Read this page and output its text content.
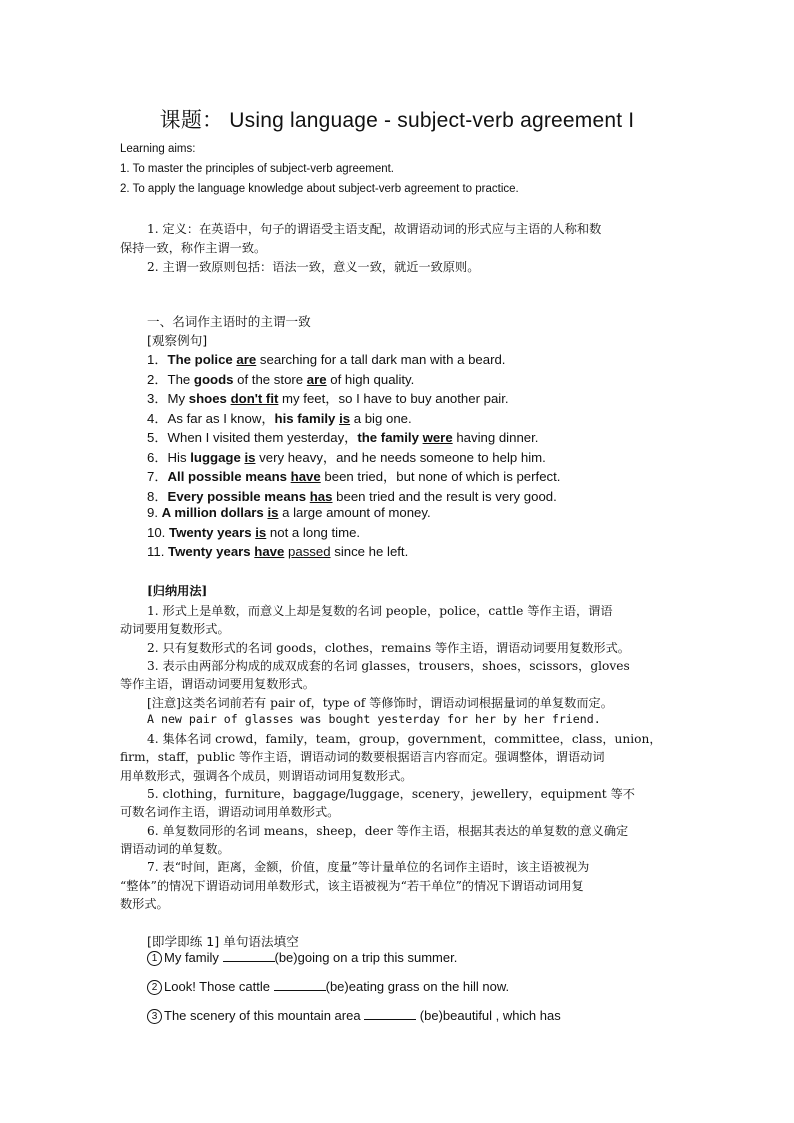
课题： Using language - subject-verb agreement I
Learning aims:
1. To master the principles of subject-verb agreement.
2. To apply the language knowledge about subject-verb agreement to practice.
1. 定义：在英语中，句子的谓语受主语支配，故谓语动词的形式应与主语的人称和数
保持一致，称作主谓一致。
2. 主谓一致原则包括：语法一致，意义一致，就近一致原则。
一、名词作主语时的主谓一致
[观察例句]
1．The police are searching for a tall dark man with a beard.
2．The goods of the store are of high quality.
3．My shoes don't fit my feet，so I have to buy another pair.
4．As far as I know，his family is a big one.
5．When I visited them yesterday，the family were having dinner.
6．His luggage is very heavy，and he needs someone to help him.
7．All possible means have been tried，but none of which is perfect.
8．Every possible means has been tried and the result is very good.
9. A million dollars is a large amount of money.
10. Twenty years is not a long time.
11. Twenty years have passed since he left.
[归纳用法]
1. 形式上是单数，而意义上却是复数的名词 people，police，cattle 等作主语，谓语
动词要用复数形式。
2. 只有复数形式的名词 goods，clothes，remains 等作主语，谓语动词要用复数形式。
3. 表示由两部分构成的成双成套的名词 glasses，trousers，shoes，scissors，gloves
等作主语，谓语动词要用复数形式。
[注意]这类名词前若有 pair of，type of 等修饰时，谓语动词根据量词的单复数而定。
A new pair of glasses was bought yesterday for her by her friend.
4. 集体名词 crowd，family，team，group，government，committee，class，union，
firm，staff，public 等作主语，谓语动词的数要根据语言内容而定。强调整体，谓语动词
用单数形式，强调各个成员，则谓语动词用复数形式。
5. clothing，furniture，baggage/luggage，scenery，jewellery，equipment 等不
可数名词作主语，谓语动词用单数形式。
6. 单复数同形的名词 means，sheep，deer 等作主语，根据其表达的单复数的意义确定
谓语动词的单复数。
7. 表“时间，距离，金额，价值，度量”等计量单位的名词作主语时，该主语被视为
“整体”的情况下谓语动词用单数形式，该主语被视为“若干单位”的情况下谓语动词用复
数形式。
[即学即练 1] 单句语法填空
1 My family	(be)going on a trip this summer.
2 Look! Those cattle	(be)eating grass on the hill now.
3 The scenery of this mountain area	(be)beautiful , which has
